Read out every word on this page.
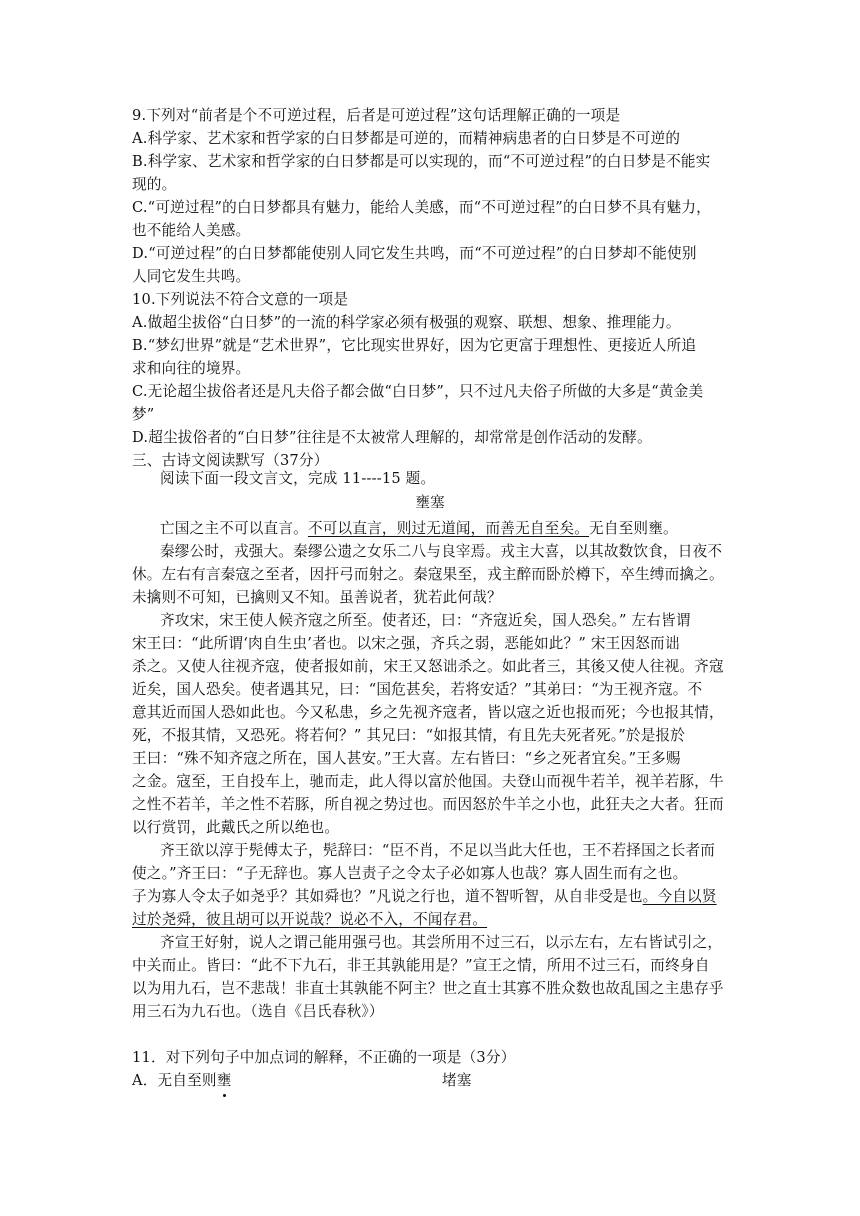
9.下列对“前者是个不可逆过程，后者是可逆过程”这句话理解正确的一项是
A.科学家、艺术家和哲学家的白日梦都是可逆的，而精神病患者的白日梦是不可逆的
B.科学家、艺术家和哲学家的白日梦都是可以实现的，而“不可逆过程”的白日梦是不能实
现的。
C.“可逆过程”的白日梦都具有魅力，能给人美感，而“不可逆过程”的白日梦不具有魅力，
也不能给人美感。
D.“可逆过程”的白日梦都能使别人同它发生共鸣，而“不可逆过程”的白日梦却不能使别
人同它发生共鸣。
10.下列说法不符合文意的一项是
A.做超尘拔俗“白日梦”的一流的科学家必须有极强的观察、联想、想象、推理能力。
B.“梦幻世界”就是“艺术世界”，它比现实世界好，因为它更富于理想性、更接近人所追
求和向往的境界。
C.无论超尘拔俗者还是凡夫俗子都会做“白日梦”，只不过凡夫俗子所做的大多是“黄金美
梦”
D.超尘拔俗者的“白日梦”往往是不太被常人理解的，却常常是创作活动的发酵。
三、古诗文阅读默写（37分）
阅读下面一段文言文，完成 11----15 题。
壅塞
亡国之主不可以直言。不可以直言，则过无道闻，而善无自至矣。无自至则壅。
秦缪公时，戎强大。秦缪公遗之女乐二八与良宰焉。戎主大喜，以其故数饮食，日夜不
休。左右有言秦寇之至者，因扞弓而射之。秦寇果至，戎主醉而卧於樽下，卒生缚而擒之。
未擒则不可知，已擒则又不知。虽善说者，犹若此何哉？
齐攻宋，宋王使人候齐寇之所至。使者还，曰：“齐寇近矣，国人恐矣。” 左右皆谓
宋王曰：“此所谓‘肉自生虫’者也。以宋之强，齐兵之弱，恶能如此？” 宋王因怒而诎
杀之。又使人往视齐寇，使者报如前，宋王又怒诎杀之。如此者三，其後又使人往视。齐寇
近矣，国人恐矣。使者遇其兄，曰：“国危甚矣，若将安适？”其弟曰：“为王视齐寇。不
意其近而国人恐如此也。今又私患，乡之先视齐寇者，皆以寇之近也报而死；今也报其情，
死，不报其情，又恐死。将若何？” 其兄曰：“如报其情，有且先夫死者死。”於是报於
王曰：“殊不知齐寇之所在，国人甚安。”王大喜。左右皆曰：“乡之死者宜矣。”王多赐
之金。寇至，王自投车上，驰而走，此人得以富於他国。夫登山而视牛若羊，视羊若豚，牛
之性不若羊，羊之性不若豚，所自视之势过也。而因怒於牛羊之小也，此狂夫之大者。狂而
以行赏罚，此戴氏之所以绝也。
齐王欲以淳于髡傅太子，髡辞曰：“臣不肖，不足以当此大任也，王不若择国之长者而
使之。”齐王曰：“子无辞也。寡人岂责子之令太子必如寡人也哉？寡人固生而有之也。
子为寡人令太子如尧乎？其如舜也？”凡说之行也，道不智听智，从自非受是也。今自以贤
过於尧舜，彼且胡可以开说哉？说必不入，不闻存君。
齐宣王好射，说人之谓己能用强弓也。其尝所用不过三石，以示左右，左右皆试引之，
中关而止。皆曰：“此不下九石，非王其孰能用是？”宣王之情，所用不过三石，而终身自
以为用九石，岂不悲哉！非直士其孰能不阿主？世之直士其寡不胜众数也故乱国之主患存乎
用三石为九石也。（选自《吕氏春秋》）
11．对下列句子中加点词的解释，不正确的一项是（3分）
A．无自至则壅	堵塞
